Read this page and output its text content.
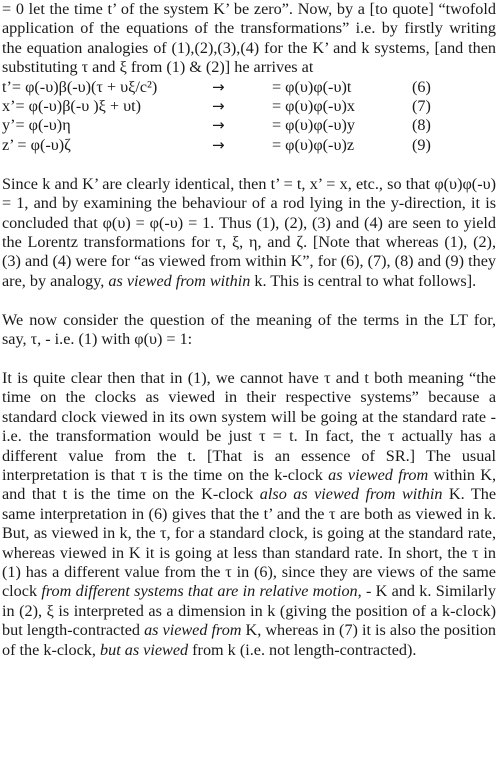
= 0 let the time t’ of the system K’ be zero”. Now, by a [to quote] “twofold application of the equations of the transformations” i.e. by firstly writing the equation analogies of (1),(2),(3),(4) for the K’ and k systems, [and then substituting τ and ξ from (1) & (2)] he arrives at

t’= φ(-υ)β(-υ)(τ + υξ/c²)	→	= φ(υ)φ(-υ)t	(6)
x’= φ(-υ)β(-υ )ξ + υt)	→	= φ(υ)φ(-υ)x	(7)
y’= φ(-υ)η	→	= φ(υ)φ(-υ)y	(8)
z’ = φ(-υ)ζ	→	= φ(υ)φ(-υ)z	(9)

Since k and K’ are clearly identical, then t’ = t, x’ = x, etc., so that φ(υ)φ(-υ) = 1, and by examining the behaviour of a rod lying in the y-direction, it is concluded that φ(υ) = φ(-υ) = 1. Thus (1), (2), (3) and (4) are seen to yield the Lorentz transformations for τ, ξ, η, and ζ. [Note that whereas (1), (2), (3) and (4) were for “as viewed from within K”, for (6), (7), (8) and (9) they are, by analogy, as viewed from within k. This is central to what follows].

We now consider the question of the meaning of the terms in the LT for, say, τ, - i.e. (1) with φ(υ) = 1:

It is quite clear then that in (1), we cannot have τ and t both meaning “the time on the clocks as viewed in their respective systems” because a standard clock viewed in its own system will be going at the standard rate - i.e. the transformation would be just τ = t. In fact, the τ actually has a different value from the t. [That is an essence of SR.] The usual interpretation is that τ is the time on the k-clock as viewed from within K, and that t is the time on the K-clock also as viewed from within K. The same interpretation in (6) gives that the t’ and the τ are both as viewed in k. But, as viewed in k, the τ, for a standard clock, is going at the standard rate, whereas viewed in K it is going at less than standard rate. In short, the τ in (1) has a different value from the τ in (6), since they are views of the same clock from different systems that are in relative motion, - K and k. Similarly in (2), ξ is interpreted as a dimension in k (giving the position of a k-clock) but length-contracted as viewed from K, whereas in (7) it is also the position of the k-clock, but as viewed from k (i.e. not length-contracted).
